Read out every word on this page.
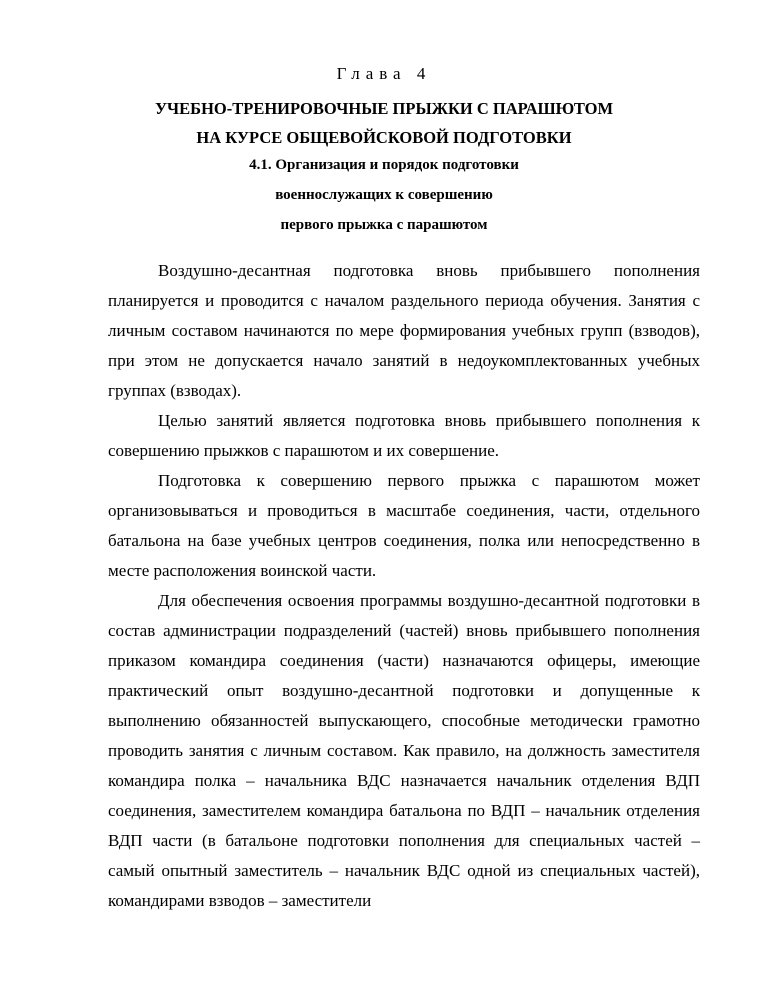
Глава 4
УЧЕБНО-ТРЕНИРОВОЧНЫЕ ПРЫЖКИ С ПАРАШЮТОМ
НА КУРСЕ ОБЩЕВОЙСКОВОЙ ПОДГОТОВКИ
4.1. Организация и порядок подготовки
военнослужащих к совершению
первого прыжка с парашютом

Воздушно-десантная подготовка вновь прибывшего пополнения планируется и проводится с началом раздельного периода обучения. Занятия с личным составом начинаются по мере формирования учебных групп (взводов), при этом не допускается начало занятий в недоукомплектованных учебных группах (взводах).

Целью занятий является подготовка вновь прибывшего пополнения к совершению прыжков с парашютом и их совершение.

Подготовка к совершению первого прыжка с парашютом может организовываться и проводиться в масштабе соединения, части, отдельного батальона на базе учебных центров соединения, полка или непосредственно в месте расположения воинской части.

Для обеспечения освоения программы воздушно-десантной подготовки в состав администрации подразделений (частей) вновь прибывшего пополнения приказом командира соединения (части) назначаются офицеры, имеющие практический опыт воздушно-десантной подготовки и допущенные к выполнению обязанностей выпускающего, способные методически грамотно проводить занятия с личным составом. Как правило, на должность заместителя командира полка – начальника ВДС назначается начальник отделения ВДП соединения, заместителем командира батальона по ВДП – начальник отделения ВДП части (в батальоне подготовки пополнения для специальных частей – самый опытный заместитель – начальник ВДС одной из специальных частей), командирами взводов – заместители
